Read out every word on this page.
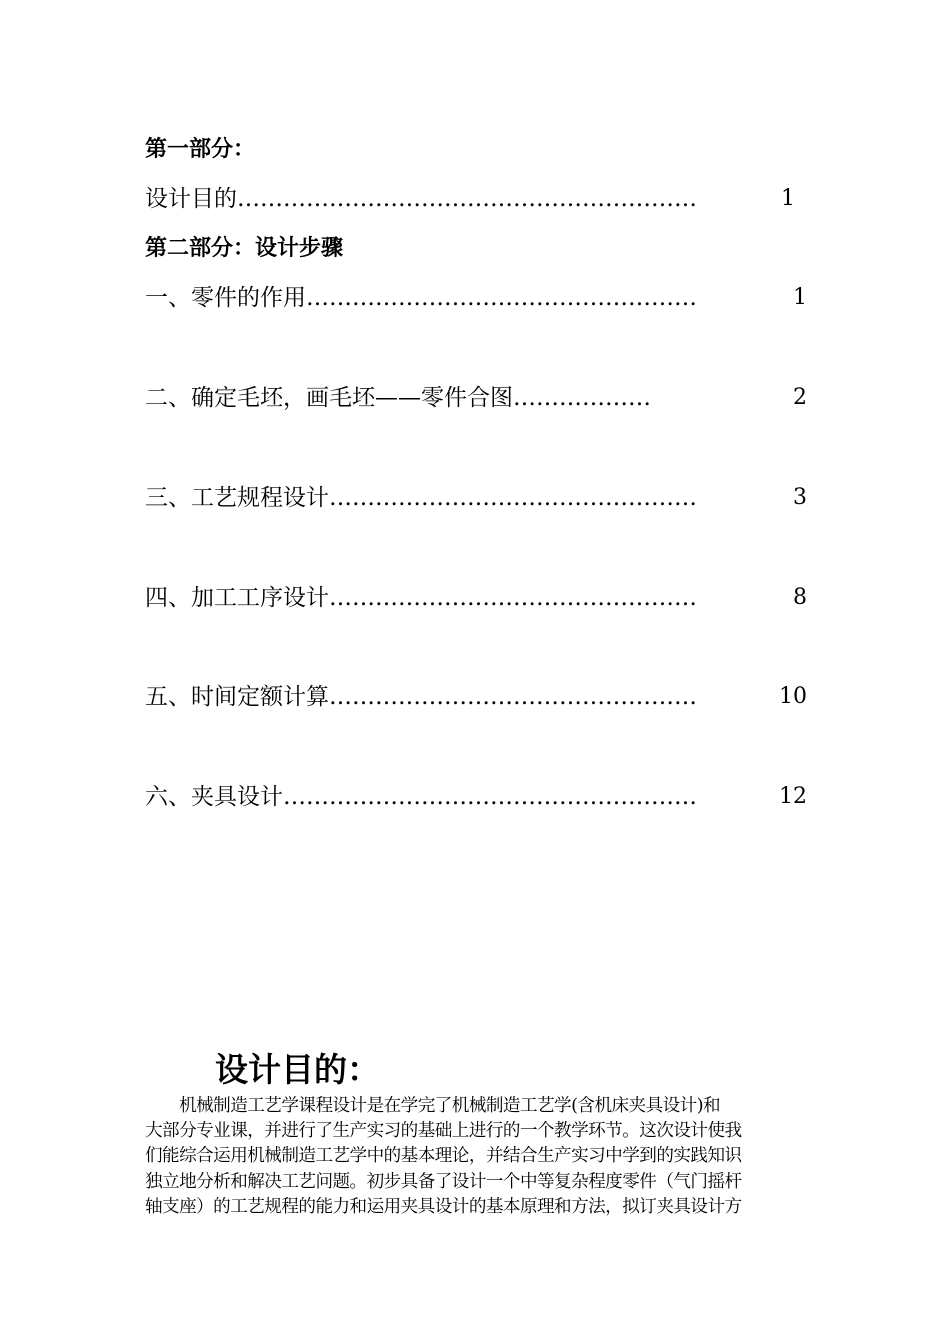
第一部分：
设计目的……………………………………………………	1
第二部分：设计步骤
一、零件的作用……………………………………………	1
二、确定毛坯，画毛坯——零件合图………………	2
三、工艺规程设计…………………………………………	3
四、加工工序设计…………………………………………	8
五、时间定额计算…………………………………………	10
六、夹具设计………………………………………………	12
设计目的：
　　机械制造工艺学课程设计是在学完了机械制造工艺学(含机床夹具设计)和
大部分专业课，并进行了生产实习的基础上进行的一个教学环节。这次设计使我
们能综合运用机械制造工艺学中的基本理论，并结合生产实习中学到的实践知识
独立地分析和解决工艺问题。初步具备了设计一个中等复杂程度零件（气门摇杆
轴支座）的工艺规程的能力和运用夹具设计的基本原理和方法，拟订夹具设计方
